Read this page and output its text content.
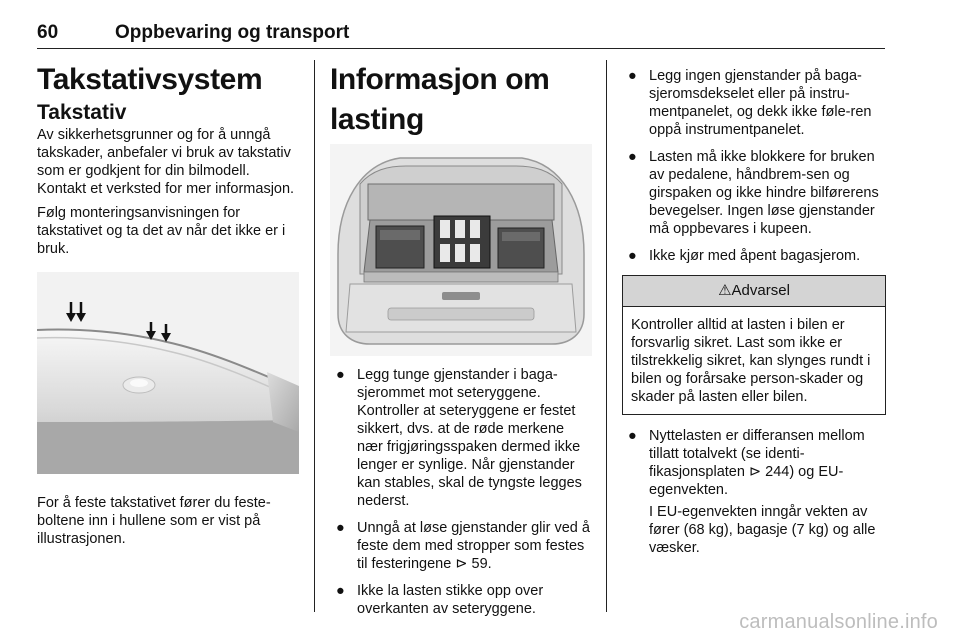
60	Oppbevaring og transport
Takstativsystem
Takstativ

Av sikkerhetsgrunner og for å unngå takskader, anbefaler vi bruk av takstativ som er godkjent for din bilmodell. Kontakt et verksted for mer informasjon.

Følg monteringsanvisningen for takstativet og ta det av når det ikke er i bruk.

For å feste takstativet fører du feste-boltene inn i hullene som er vist på illustrasjonen.

Informasjon om lasting
● Legg tunge gjenstander i baga-sjerommet mot seteryggene. Kontroller at seteryggene er festet sikkert, dvs. at de røde merkene nær frigjøringsspaken dermed ikke lenger er synlige. Når gjenstander kan stables, skal de tyngste legges nederst.
● Unngå at løse gjenstander glir ved å feste dem med stropper som festes til festeringene ⊳ 59.
● Ikke la lasten stikke opp over overkanten av seteryggene.
● Legg ingen gjenstander på baga-sjeromsdekselet eller på instru-mentpanelet, og dekk ikke føle-ren oppå instrumentpanelet.
● Lasten må ikke blokkere for bruken av pedalene, håndbrem-sen og girspaken og ikke hindre bilførerens bevegelser. Ingen løse gjenstander må oppbevares i kupeen.
● Ikke kjør med åpent bagasjerom.
⚠Advarsel
Kontroller alltid at lasten i bilen er forsvarlig sikret. Last som ikke er tilstrekkelig sikret, kan slynges rundt i bilen og forårsake person-skader og skader på lasten eller bilen.
● Nyttelasten er differansen mellom tillatt totalvekt (se identi-fikasjonsplaten ⊳ 244) og EU-egenvekten.

I EU-egenvekten inngår vekten av fører (68 kg), bagasje (7 kg) og alle væsker.

carmanualsonline.info
